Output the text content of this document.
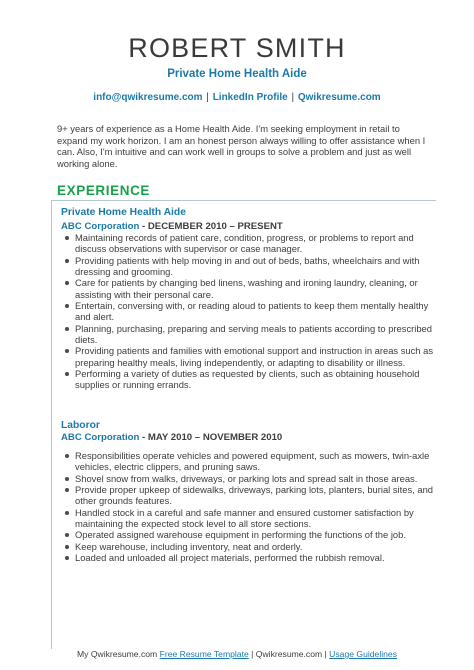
ROBERT SMITH
Private Home Health Aide
info@qwikresume.com | LinkedIn Profile | Qwikresume.com

9+ years of experience as a Home Health Aide. I'm seeking employment in retail to expand my work horizon. I am an honest person always willing to offer assistance when I can. Also, I'm intuitive and can work well in groups to solve a problem and just as well working alone.

EXPERIENCE
Private Home Health Aide
ABC Corporation - DECEMBER 2010 – PRESENT
Maintaining records of patient care, condition, progress, or problems to report and discuss observations with supervisor or case manager.
Providing patients with help moving in and out of beds, baths, wheelchairs and with dressing and grooming.
Care for patients by changing bed linens, washing and ironing laundry, cleaning, or assisting with their personal care.
Entertain, conversing with, or reading aloud to patients to keep them mentally healthy and alert.
Planning, purchasing, preparing and serving meals to patients according to prescribed diets.
Providing patients and families with emotional support and instruction in areas such as preparing healthy meals, living independently, or adapting to disability or illness.
Performing a variety of duties as requested by clients, such as obtaining household supplies or running errands.
Laboror
ABC Corporation - MAY 2010 – NOVEMBER 2010
Responsibilities operate vehicles and powered equipment, such as mowers, twin-axle vehicles, electric clippers, and pruning saws.
Shovel snow from walks, driveways, or parking lots and spread salt in those areas.
Provide proper upkeep of sidewalks, driveways, parking lots, planters, burial sites, and other grounds features.
Handled stock in a careful and safe manner and ensured customer satisfaction by maintaining the expected stock level to all store sections.
Operated assigned warehouse equipment in performing the functions of the job.
Keep warehouse, including inventory, neat and orderly.
Loaded and unloaded all project materials, performed the rubbish removal.
My Qwikresume.com Free Resume Template | Qwikresume.com | Usage Guidelines
